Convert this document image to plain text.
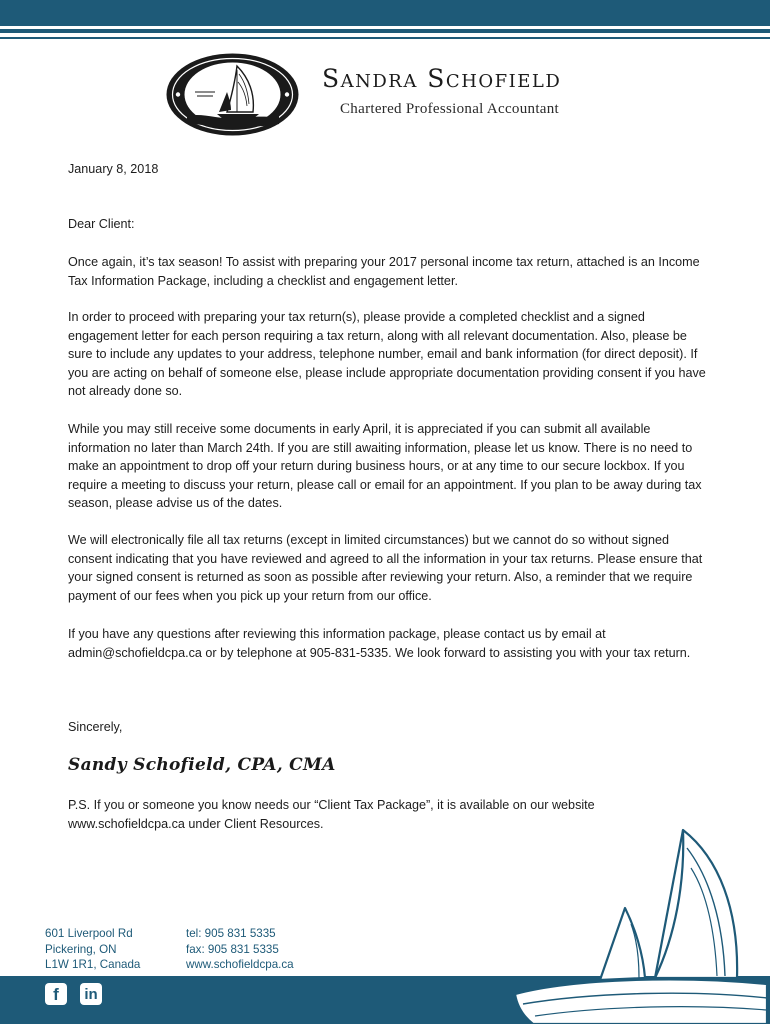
Sandra Schofield
Chartered Professional Accountant
January 8, 2018
Dear Client:

Once again, it’s tax season! To assist with preparing your 2017 personal income tax return, attached is an Income Tax Information Package, including a checklist and engagement letter.

In order to proceed with preparing your tax return(s), please provide a completed checklist and a signed engagement letter for each person requiring a tax return, along with all relevant documentation. Also, please be sure to include any updates to your address, telephone number, email and bank information (for direct deposit). If you are acting on behalf of someone else, please include appropriate documentation providing consent if you have not already done so.

While you may still receive some documents in early April, it is appreciated if you can submit all available information no later than March 24th. If you are still awaiting information, please let us know. There is no need to make an appointment to drop off your return during business hours, or at any time to our secure lockbox. If you require a meeting to discuss your return, please call or email for an appointment. If you plan to be away during tax season, please advise us of the dates.

We will electronically file all tax returns (except in limited circumstances) but we cannot do so without signed consent indicating that you have reviewed and agreed to all the information in your tax returns. Please ensure that your signed consent is returned as soon as possible after reviewing your return. Also, a reminder that we require payment of our fees when you pick up your return from our office.

If you have any questions after reviewing this information package, please contact us by email at admin@schofieldcpa.ca or by telephone at 905-831-5335. We look forward to assisting you with your tax return.

Sincerely,
Sandy Schofield, CPA, CMA

P.S. If you or someone you know needs our “Client Tax Package”, it is available on our website www.schofieldcpa.ca under Client Resources.

601 Liverpool Rd
Pickering, ON
L1W 1R1, Canada
tel: 905 831 5335
fax: 905 831 5335
www.schofieldcpa.ca
f	in
